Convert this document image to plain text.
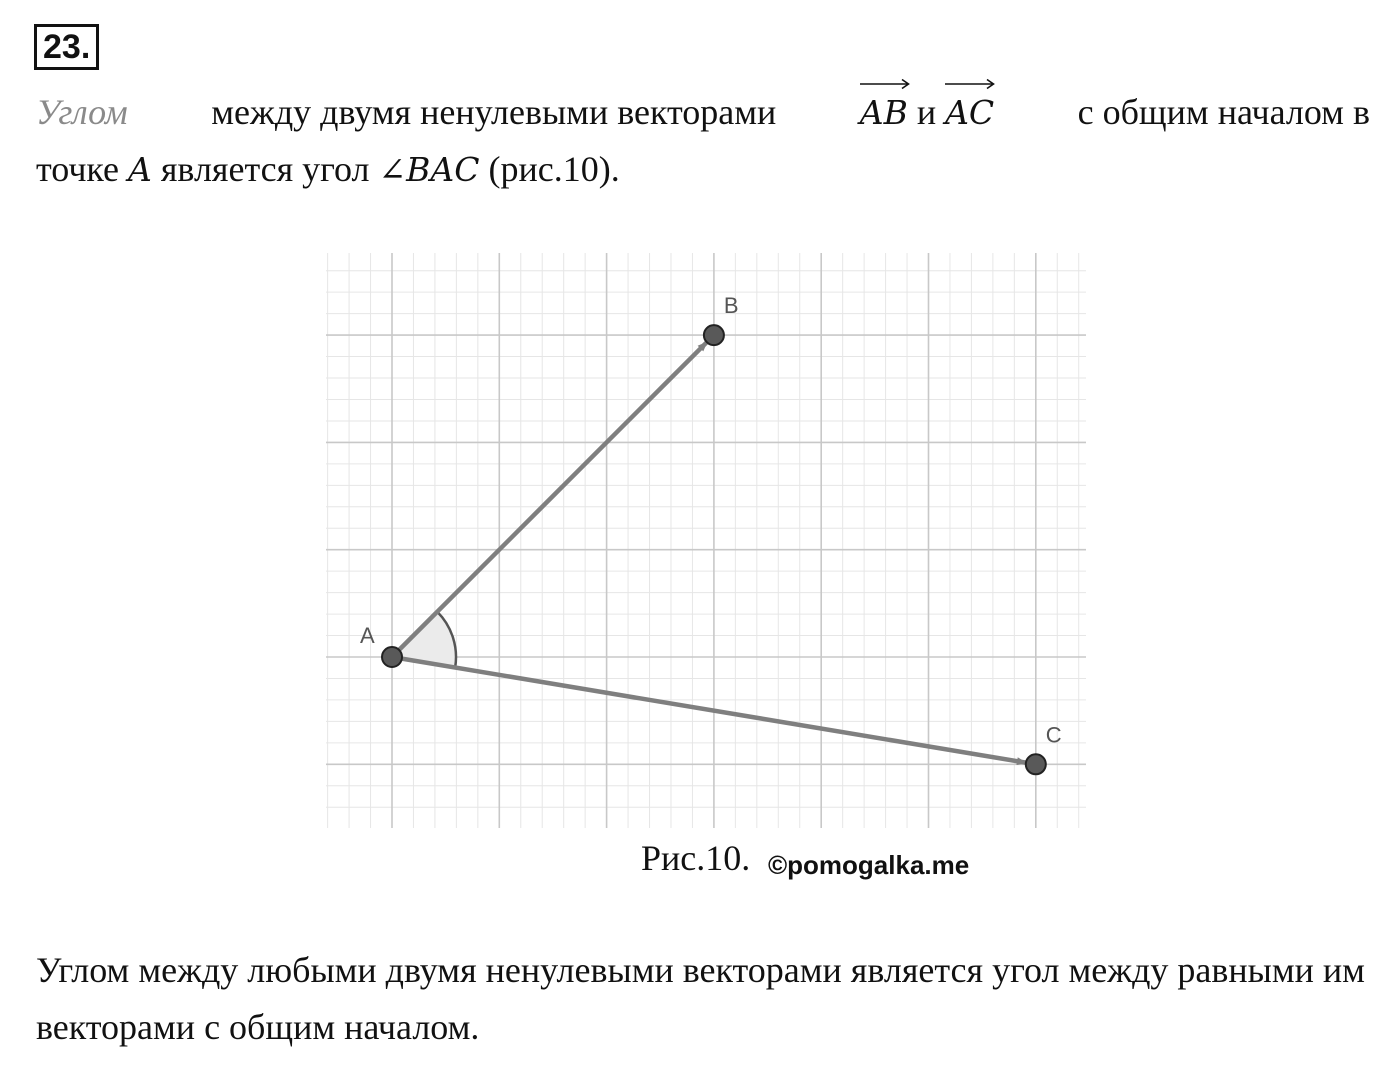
23.
Углом между двумя ненулевыми векторами	AB и AC с общим началом в
точке A является угол ∠BAC (рис.10).
A
B
C
Рис.10. ©pomogalka.me
Углом между любыми двумя ненулевыми векторами является угол между равными им векторами с общим началом.
